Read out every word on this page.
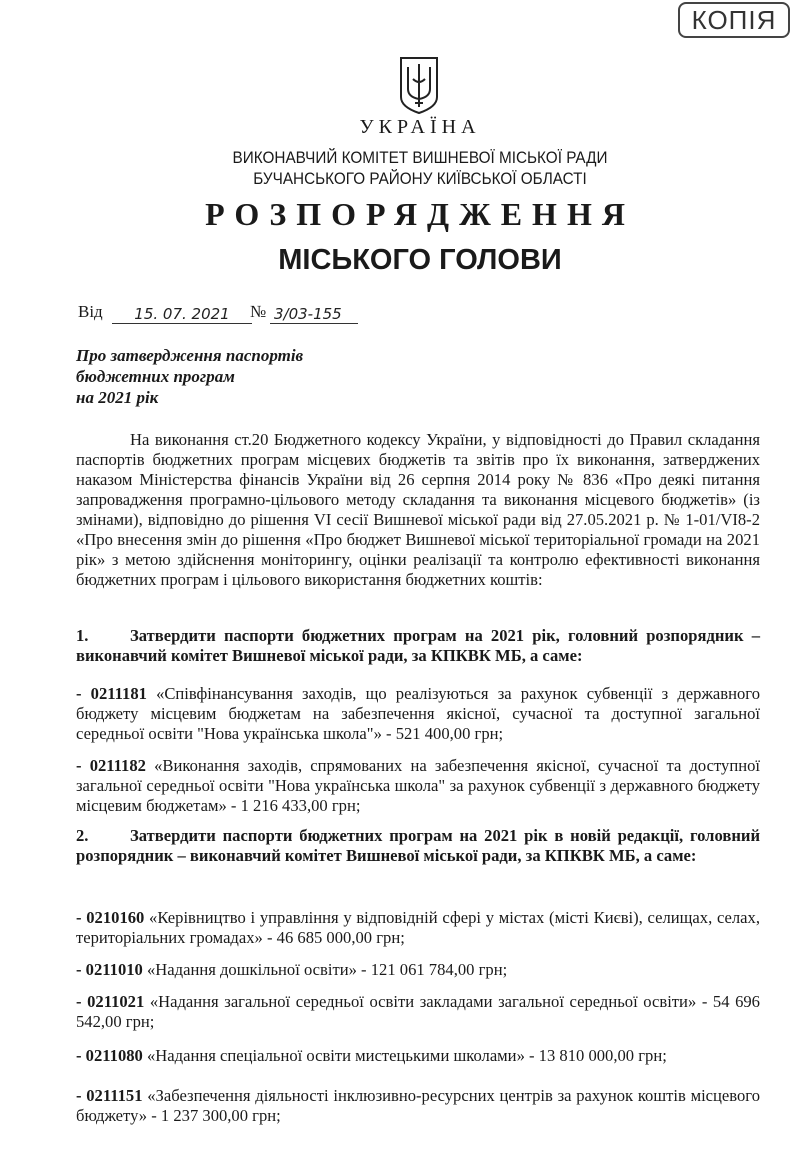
КОПІЯ
УКРАЇНА
ВИКОНАВЧИЙ КОМІТЕТ ВИШНЕВОЇ МІСЬКОЇ РАДИ
БУЧАНСЬКОГО РАЙОНУ КИЇВСЬКОЇ ОБЛАСТІ
РОЗПОРЯДЖЕННЯ
МІСЬКОГО ГОЛОВИ
Від	15. 07. 2021	№ 3/03-155
Про затвердження паспортів
бюджетних програм
на 2021 рік
На виконання ст.20 Бюджетного кодексу України, у відповідності до Правил складання паспортів бюджетних програм місцевих бюджетів та звітів про їх виконання, затверджених наказом Міністерства фінансів України від 26 серпня 2014 року № 836 «Про деякі питання запровадження програмно-цільового методу складання та виконання місцевого бюджетів» (із змінами), відповідно до рішення VI сесії Вишневої міської ради від 27.05.2021 р. № 1-01/VI8-2 «Про внесення змін до рішення «Про бюджет Вишневої міської територіальної громади на 2021 рік» з метою здійснення моніторингу, оцінки реалізації та контролю ефективності виконання бюджетних програм і цільового використання бюджетних коштів:
1.	Затвердити паспорти бюджетних програм на 2021 рік, головний розпорядник – виконавчий комітет Вишневої міської ради, за КПКВК МБ, а саме:
- 0211181 «Співфінансування заходів, що реалізуються за рахунок субвенції з державного бюджету місцевим бюджетам на забезпечення якісної, сучасної та доступної загальної середньої освіти "Нова українська школа"» - 521 400,00 грн;
- 0211182 «Виконання заходів, спрямованих на забезпечення якісної, сучасної та доступної загальної середньої освіти "Нова українська школа" за рахунок субвенції з державного бюджету місцевим бюджетам» - 1 216 433,00 грн;
2.	Затвердити паспорти бюджетних програм на 2021 рік в новій редакції, головний розпорядник – виконавчий комітет Вишневої міської ради, за КПКВК МБ, а саме:
- 0210160 «Керівництво і управління у відповідній сфері у містах (місті Києві), селищах, селах, територіальних громадах» - 46 685 000,00 грн;
- 0211010 «Надання дошкільної освіти» - 121 061 784,00 грн;
- 0211021 «Надання загальної середньої освіти закладами загальної середньої освіти» - 54 696 542,00 грн;
- 0211080 «Надання спеціальної освіти мистецькими школами» - 13 810 000,00 грн;
- 0211151 «Забезпечення діяльності інклюзивно-ресурсних центрів за рахунок коштів місцевого бюджету» - 1 237 300,00 грн;
